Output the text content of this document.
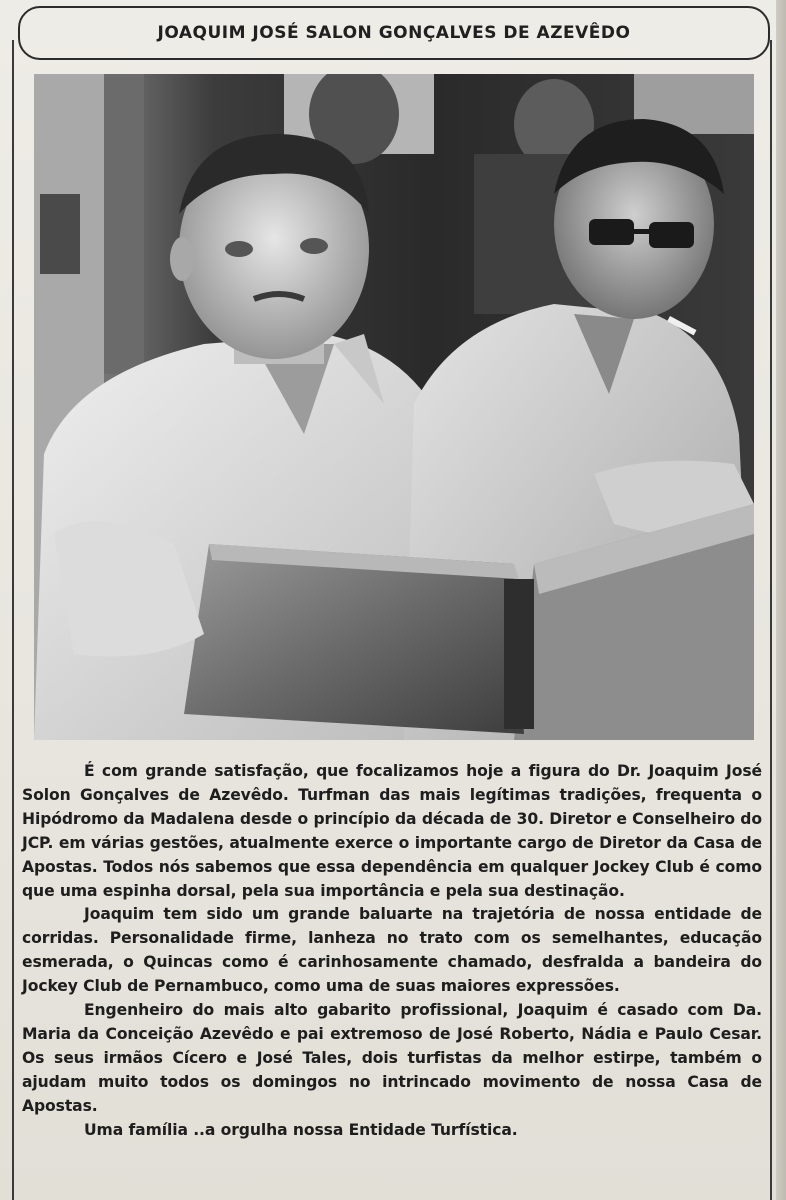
JOAQUIM JOSÉ SALON GONÇALVES DE AZEVÊDO

É com grande satisfação, que focalizamos hoje a figura do Dr. Joaquim José Solon Gonçalves de Azevêdo. Turfman das mais legítimas tradições, frequenta o Hipódromo da Madalena desde o princípio da década de 30. Diretor e Conselheiro do JCP. em várias gestões, atualmente exerce o importante cargo de Diretor da Casa de Apostas. Todos nós sabemos que essa dependência em qualquer Jockey Club é como que uma espinha dorsal, pela sua importância e pela sua destinação.

Joaquim tem sido um grande baluarte na trajetória de nossa entidade de corridas. Personalidade firme, lanheza no trato com os semelhantes, educação esmerada, o Quincas como é carinhosamente chamado, desfralda a bandeira do Jockey Club de Pernambuco, como uma de suas maiores expressões.

Engenheiro do mais alto gabarito profissional, Joaquim é casado com Da. Maria da Conceição Azevêdo e pai extremoso de José Roberto, Nádia e Paulo Cesar. Os seus irmãos Cícero e José Tales, dois turfistas da melhor estirpe, também o ajudam muito todos os domingos no intrincado movimento de nossa Casa de Apostas.

Uma família ..a orgulha nossa Entidade Turfística.
